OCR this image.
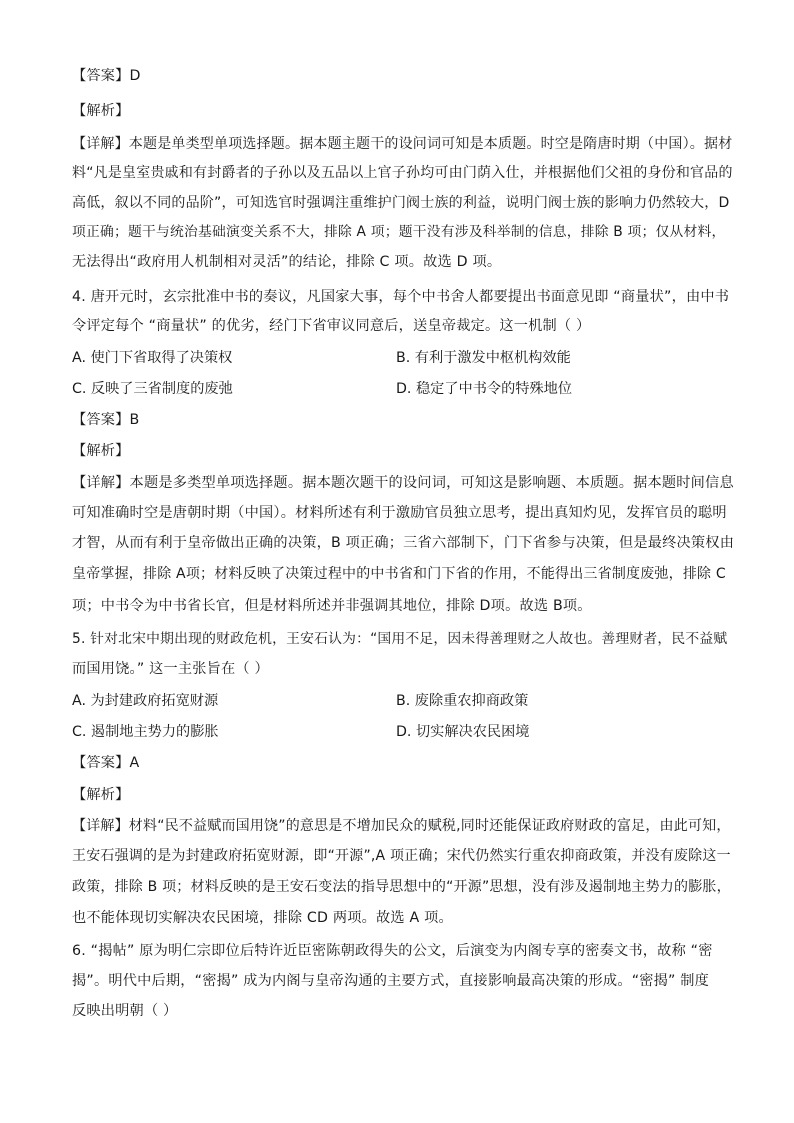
【答案】D
【解析】
【详解】本题是单类型单项选择题。据本题主题干的设问词可知是本质题。时空是隋唐时期（中国）。据材
料“凡是皇室贵戚和有封爵者的子孙以及五品以上官子孙均可由门荫入仕，并根据他们父祖的身份和官品的
高低，叙以不同的品阶”，可知选官时强调注重维护门阀士族的利益，说明门阀士族的影响力仍然较大，D
项正确；题干与统治基础演变关系不大，排除 A 项；题干没有涉及科举制的信息，排除 B 项；仅从材料，
无法得出“政府用人机制相对灵活”的结论，排除 C 项。故选 D 项。
4. 唐开元时，玄宗批准中书的奏议，凡国家大事，每个中书舍人都要提出书面意见即 “商量状”，由中书
令评定每个 “商量状” 的优劣，经门下省审议同意后，送皇帝裁定。这一机制（ ）
A. 使门下省取得了决策权	B. 有利于激发中枢机构效能
C. 反映了三省制度的废弛	D. 稳定了中书令的特殊地位
【答案】B
【解析】
【详解】本题是多类型单项选择题。据本题次题干的设问词，可知这是影响题、本质题。据本题时间信息
可知准确时空是唐朝时期（中国）。材料所述有利于激励官员独立思考，提出真知灼见，发挥官员的聪明
才智，从而有利于皇帝做出正确的决策，B 项正确；三省六部制下，门下省参与决策，但是最终决策权由
皇帝掌握，排除 A项；材料反映了决策过程中的中书省和门下省的作用，不能得出三省制度废弛，排除 C
项；中书令为中书省长官，但是材料所述并非强调其地位，排除 D项。故选 B项。
5. 针对北宋中期出现的财政危机，王安石认为：“国用不足，因未得善理财之人故也。善理财者，民不益赋
而国用饶。” 这一主张旨在（ ）
A. 为封建政府拓宽财源	B. 废除重农抑商政策
C. 遏制地主势力的膨胀	D. 切实解决农民困境
【答案】A
【解析】
【详解】材料“民不益赋而国用饶”的意思是不增加民众的赋税,同时还能保证政府财政的富足，由此可知，
王安石强调的是为封建政府拓宽财源，即“开源”,A 项正确；宋代仍然实行重农抑商政策，并没有废除这一
政策，排除 B 项；材料反映的是王安石变法的指导思想中的“开源”思想，没有涉及遏制地主势力的膨胀，
也不能体现切实解决农民困境，排除 CD 两项。故选 A 项。
6. “揭帖” 原为明仁宗即位后特许近臣密陈朝政得失的公文，后演变为内阁专享的密奏文书，故称 “密
揭”。明代中后期，“密揭” 成为内阁与皇帝沟通的主要方式，直接影响最高决策的形成。“密揭” 制度
反映出明朝（ ）
